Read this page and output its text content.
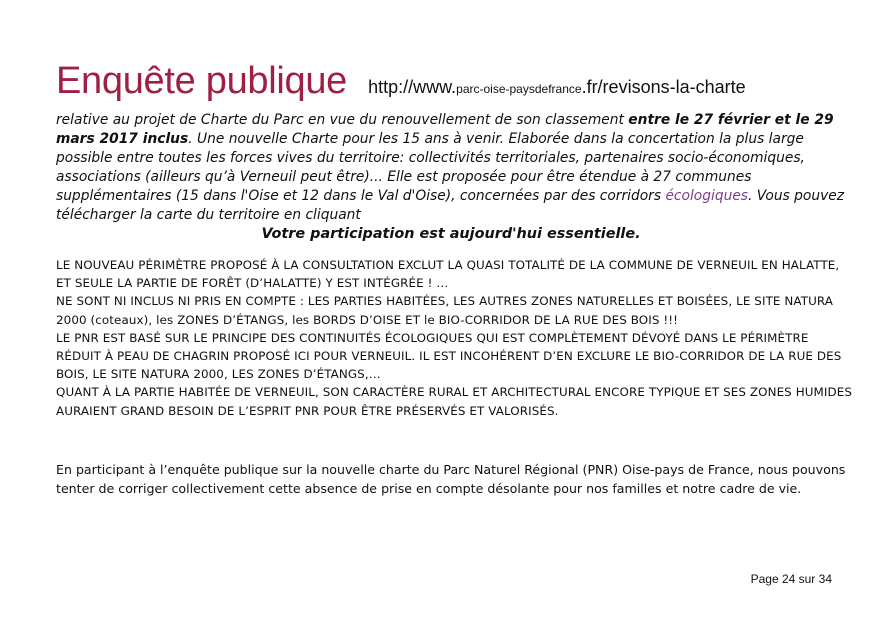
Enquête publique http://www.parc-oise-paysdefrance.fr/revisons-la-charte
relative au projet de Charte du Parc en vue du renouvellement de son classement entre le 27 février et le 29 mars 2017 inclus. Une nouvelle Charte pour les 15 ans à venir. Elaborée dans la concertation la plus large possible entre toutes les forces vives du territoire: collectivités territoriales, partenaires socio-économiques, associations (ailleurs qu’à Verneuil peut être)... Elle est proposée pour être étendue à 27 communes supplémentaires (15 dans l'Oise et 12 dans le Val d'Oise), concernées par des corridors écologiques. Vous pouvez télécharger la carte du territoire en cliquant
Votre participation est aujourd'hui essentielle.

LE NOUVEAU PÉRIMÈTRE PROPOSÉ À LA CONSULTATION EXCLUT LA QUASI TOTALITÉ DE LA COMMUNE DE VERNEUIL EN HALATTE, ET SEULE LA PARTIE DE FORÊT (D’HALATTE) Y EST INTÉGRÉE ! …

NE SONT NI INCLUS NI PRIS EN COMPTE : LES PARTIES HABITÉES, LES AUTRES ZONES NATURELLES ET BOISÉES, LE SITE NATURA 2000 (coteaux), les ZONES D’ÉTANGS, les BORDS D’OISE ET le BIO-CORRIDOR DE LA RUE DES BOIS !!!

LE PNR EST BASÉ SUR LE PRINCIPE DES CONTINUITÉS ÉCOLOGIQUES QUI EST COMPLÈTEMENT DÉVOYÉ DANS LE PÉRIMÈTRE RÉDUIT À PEAU DE CHAGRIN PROPOSÉ ICI POUR VERNEUIL. IL EST INCOHÉRENT D’EN EXCLURE LE BIO-CORRIDOR DE LA RUE DES BOIS, LE SITE NATURA 2000, LES ZONES D’ÉTANGS,…

QUANT À LA PARTIE HABITÉE DE VERNEUIL, SON CARACTÈRE RURAL ET ARCHITECTURAL ENCORE TYPIQUE ET SES ZONES HUMIDES AURAIENT GRAND BESOIN DE L’ESPRIT PNR POUR ÊTRE PRÉSERVÉS ET VALORISÉS.

En participant à l’enquête publique sur la nouvelle charte du Parc Naturel Régional (PNR) Oise-pays de France, nous pouvons tenter de corriger collectivement cette absence de prise en compte désolante pour nos familles et notre cadre de vie.
Page 24 sur 34
